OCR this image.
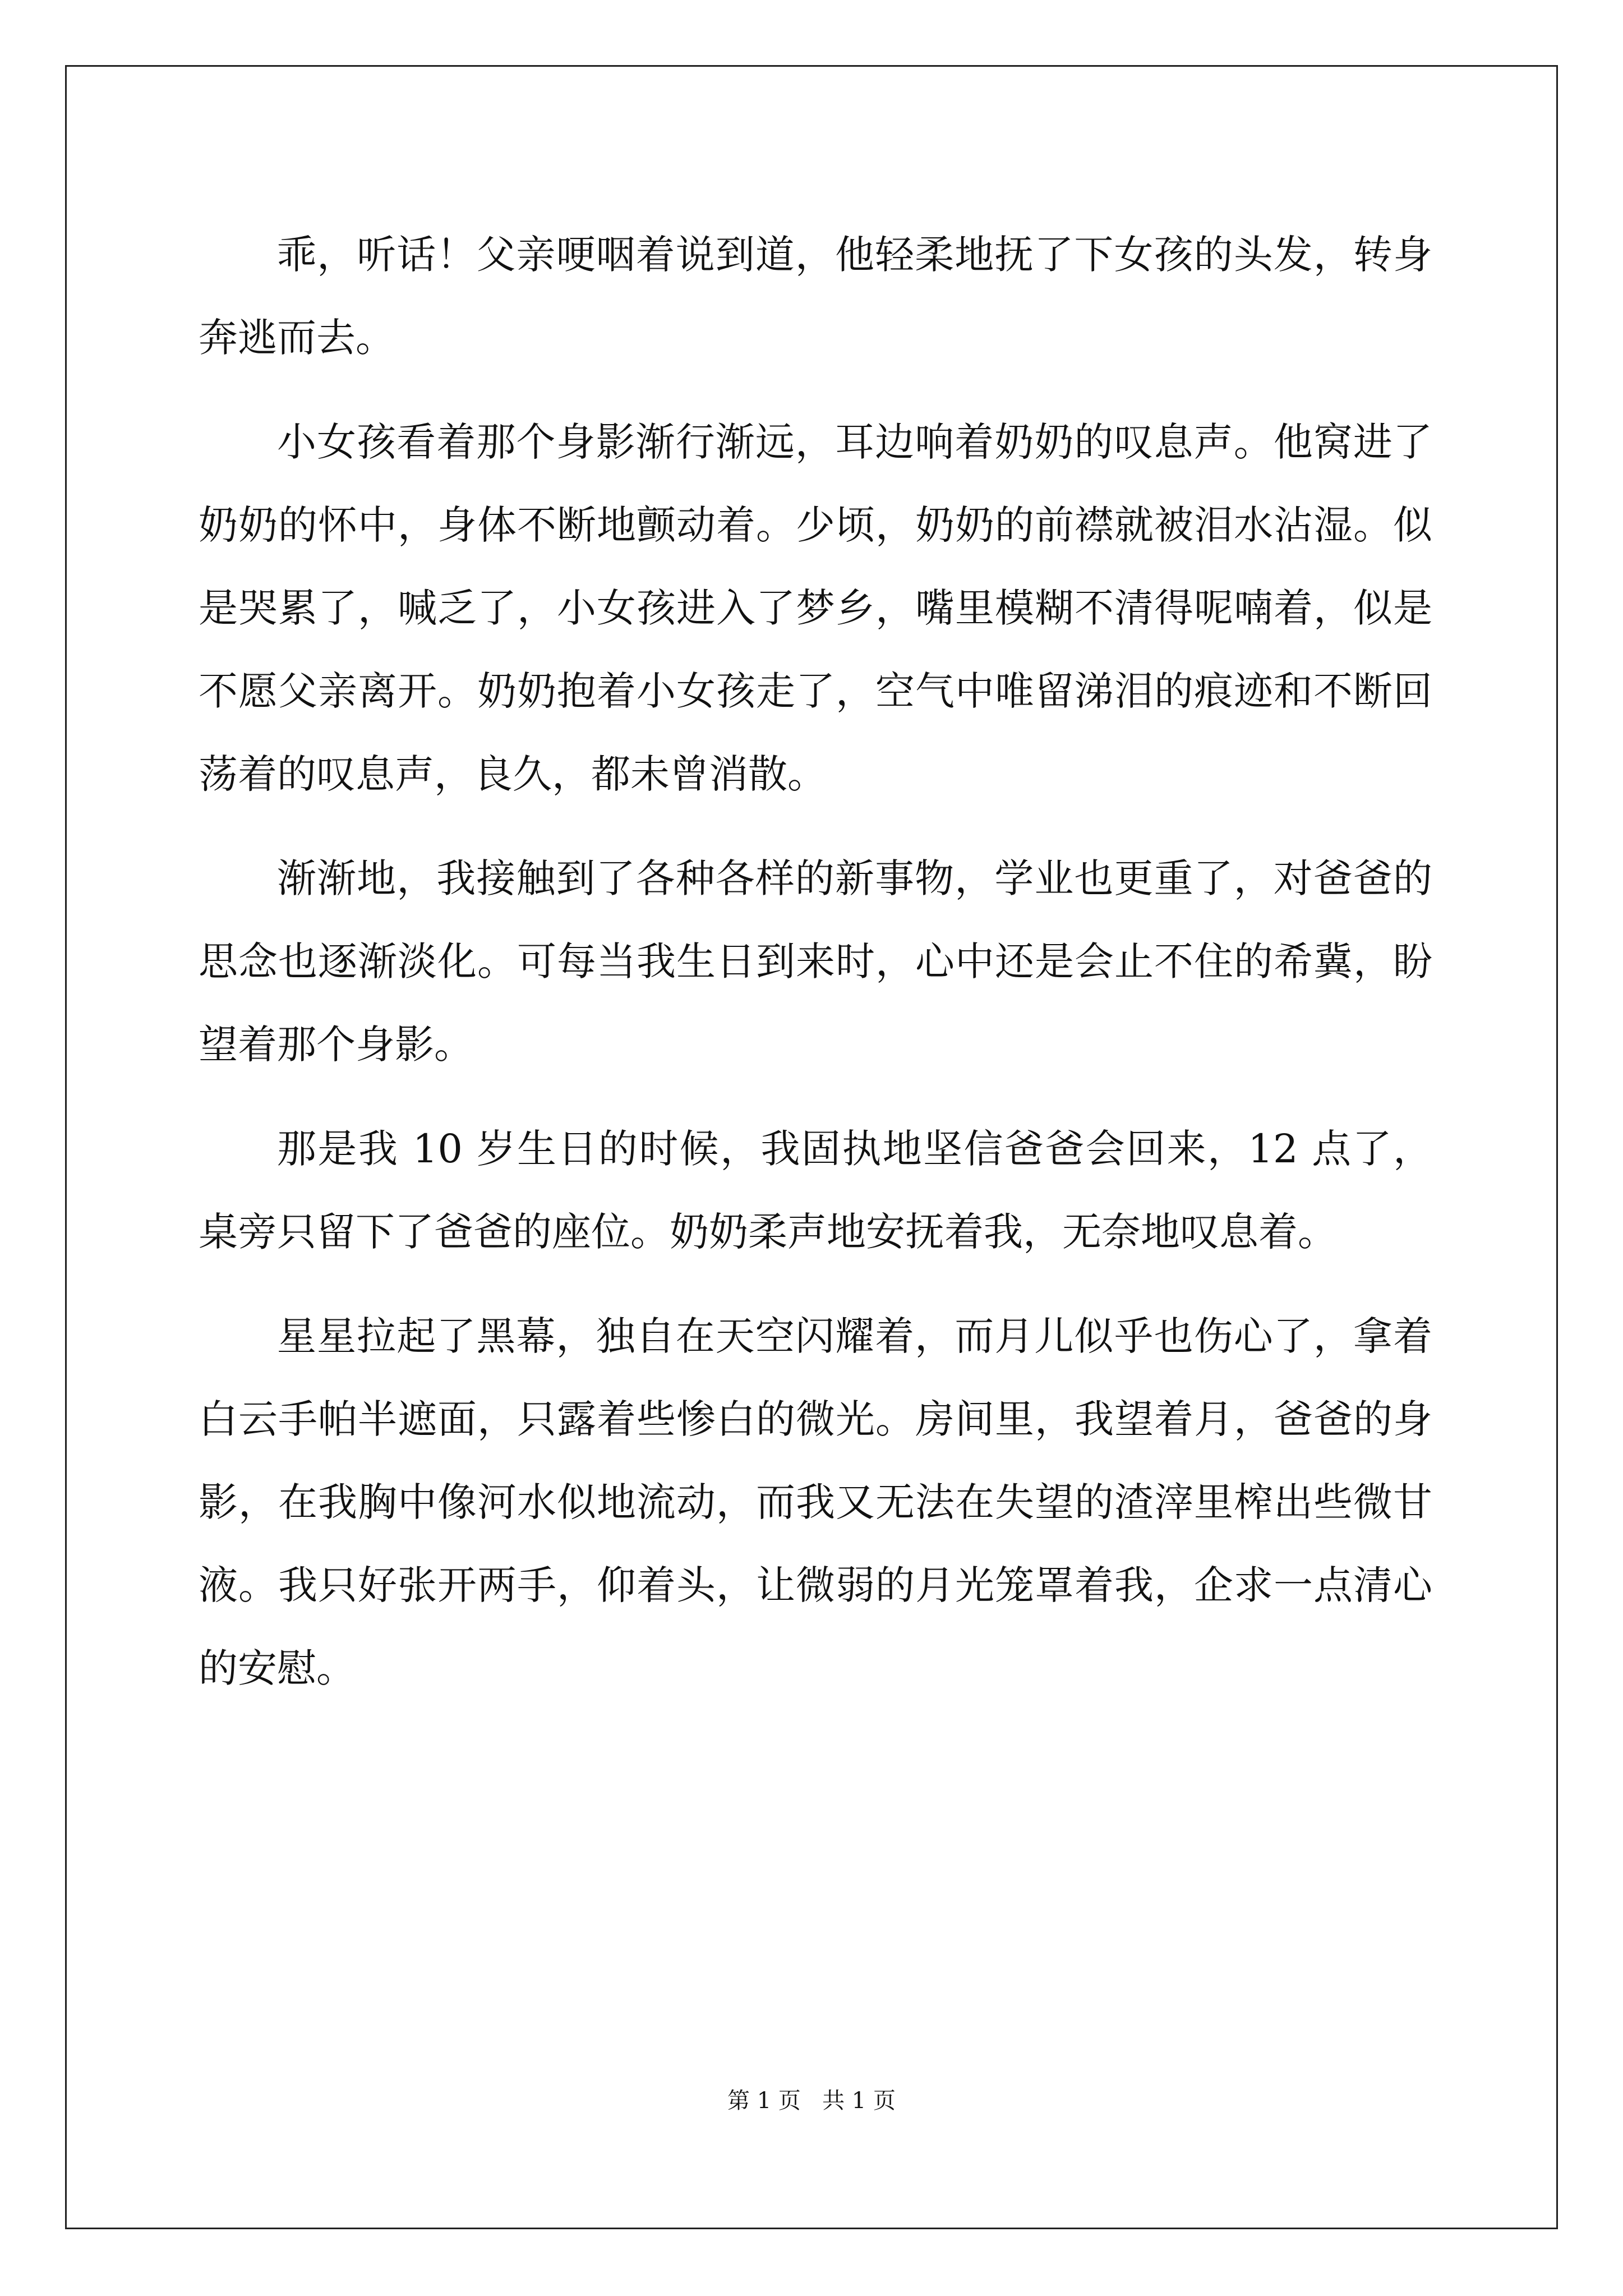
乖，听话！父亲哽咽着说到道，他轻柔地抚了下女孩的头发，转身奔逃而去。

小女孩看着那个身影渐行渐远，耳边响着奶奶的叹息声。他窝进了奶奶的怀中，身体不断地颤动着。少顷，奶奶的前襟就被泪水沾湿。似是哭累了，喊乏了，小女孩进入了梦乡，嘴里模糊不清得呢喃着，似是不愿父亲离开。奶奶抱着小女孩走了，空气中唯留涕泪的痕迹和不断回荡着的叹息声，良久，都未曾消散。

渐渐地，我接触到了各种各样的新事物，学业也更重了，对爸爸的思念也逐渐淡化。可每当我生日到来时，心中还是会止不住的希冀，盼望着那个身影。

那是我 10 岁生日的时候，我固执地坚信爸爸会回来，12 点了，桌旁只留下了爸爸的座位。奶奶柔声地安抚着我，无奈地叹息着。

星星拉起了黑幕，独自在天空闪耀着，而月儿似乎也伤心了，拿着白云手帕半遮面，只露着些惨白的微光。房间里，我望着月，爸爸的身影，在我胸中像河水似地流动，而我又无法在失望的渣滓里榨出些微甘液。我只好张开两手，仰着头，让微弱的月光笼罩着我，企求一点清心的安慰。

第 1 页   共 1 页
